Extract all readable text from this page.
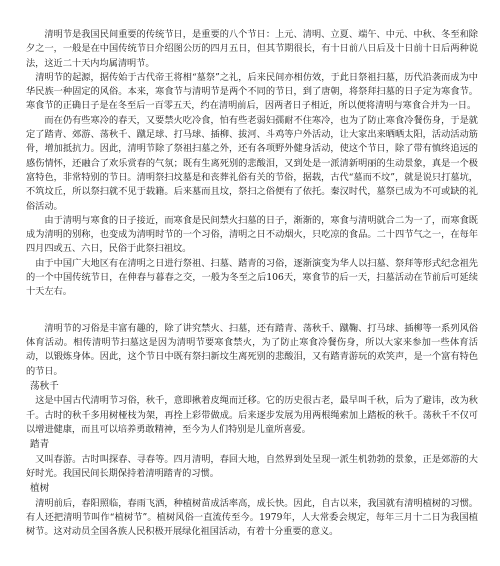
清明节是我国民间重要的传统节日，是重要的八个节日：上元、清明、立夏、端午、中元、中秋、冬至和除夕之一，一般是在中国传统节日介绍图公历的四月五日，但其节期很长，有十日前八日后及十日前十日后两种说法，这近二十天内均属清明节。

清明节的起源，据传始于古代帝王将相“墓祭”之礼，后来民间亦相仿效，于此日祭祖扫墓，历代沿袭而成为中华民族一种固定的风俗。本来，寒食节与清明节是两个不同的节日，到了唐朝，将祭拜扫墓的日子定为寒食节。寒食节的正确日子是在冬至后一百零五天，约在清明前后，因两者日子相近，所以便将清明与寒食合并为一日。

而在仍有些寒冷的春天，又要禁火吃冷食，怕有些老弱妇孺耐不住寒冷，也为了防止寒食冷餐伤身，于是就定了踏青、郊游、荡秋千、蹴足球、打马球、插柳、拔河、斗鸡等户外活动，让大家出来晒晒太阳，活动活动筋骨，增加抵抗力。因此，清明节除了祭祖扫墓之外，还有各项野外健身活动，使这个节日，除了带有慎终追远的感伤情怀，还融合了欢乐赏春的气氛；既有生离死别的悲酸泪，又到处是一派清新明丽的生动景象，真是一个极富特色，非常特别的节日。清明祭扫坟墓是和丧葬礼俗有关的节俗，据载，古代“墓而不坟”，就是说只打墓坑，不筑坟丘，所以祭扫就不见于载籍。后来墓而且坟，祭扫之俗便有了依托。秦汉时代，墓祭已成为不可或缺的礼俗活动。

由于清明与寒食的日子接近，而寒食是民间禁火扫墓的日子，渐渐的，寒食与清明就合二为一了，而寒食既成为清明的别称，也变成为清明时节的一个习俗，清明之日不动烟火，只吃凉的食品。二十四节气之一，在每年四月四或五、六日，民俗于此祭扫祖坟。

由于中国广大地区有在清明之日进行祭祖、扫墓、踏青的习俗，逐渐演变为华人以扫墓、祭拜等形式纪念祖先的一个中国传统节日，在伸春与暮春之交，一般为冬至之后106天，寒食节的后一天，扫墓活动在节前后可延续十天左右。

清明节的习俗是丰富有趣的，除了讲究禁火、扫墓，还有踏青、荡秋千、蹴鞠、打马球、插柳等一系列风俗体育活动。相传清明节扫墓这是因为清明节要寒食禁火，为了防止寒食冷餐伤身，所以大家来参加一些体育活动，以锻炼身体。因此，这个节日中既有祭扫新坟生离死别的悲酸泪，又有踏青游玩的欢笑声，是一个富有特色的节日。

荡秋千

这是中国古代清明节习俗，秋千，意即揪着皮绳而迁移。它的历史很古老，最早叫千秋，后为了避讳，改为秋千。古时的秋千多用树桠枝为架，再拴上彩带做成。后来逐步发展为用两根绳索加上踏板的秋千。荡秋千不仅可以增进健康，而且可以培养勇敢精神，至今为人们特别是儿童所喜爱。

踏青

又叫春游。古时叫探春、寻春等。四月清明，春回大地，自然界到处呈现一派生机勃勃的景象，正是郊游的大好时光。我国民间长期保持着清明踏青的习惯。

植树

清明前后，春阳照临，春雨飞洒，种植树苗成活率高，成长快。因此，自古以来，我国就有清明植树的习惯。有人还把清明节叫作“植树节”。植树风俗一直流传至今。1979年，人大常委会规定，每年三月十二日为我国植树节。这对动员全国各族人民积极开展绿化祖国活动，有着十分重要的意义。
